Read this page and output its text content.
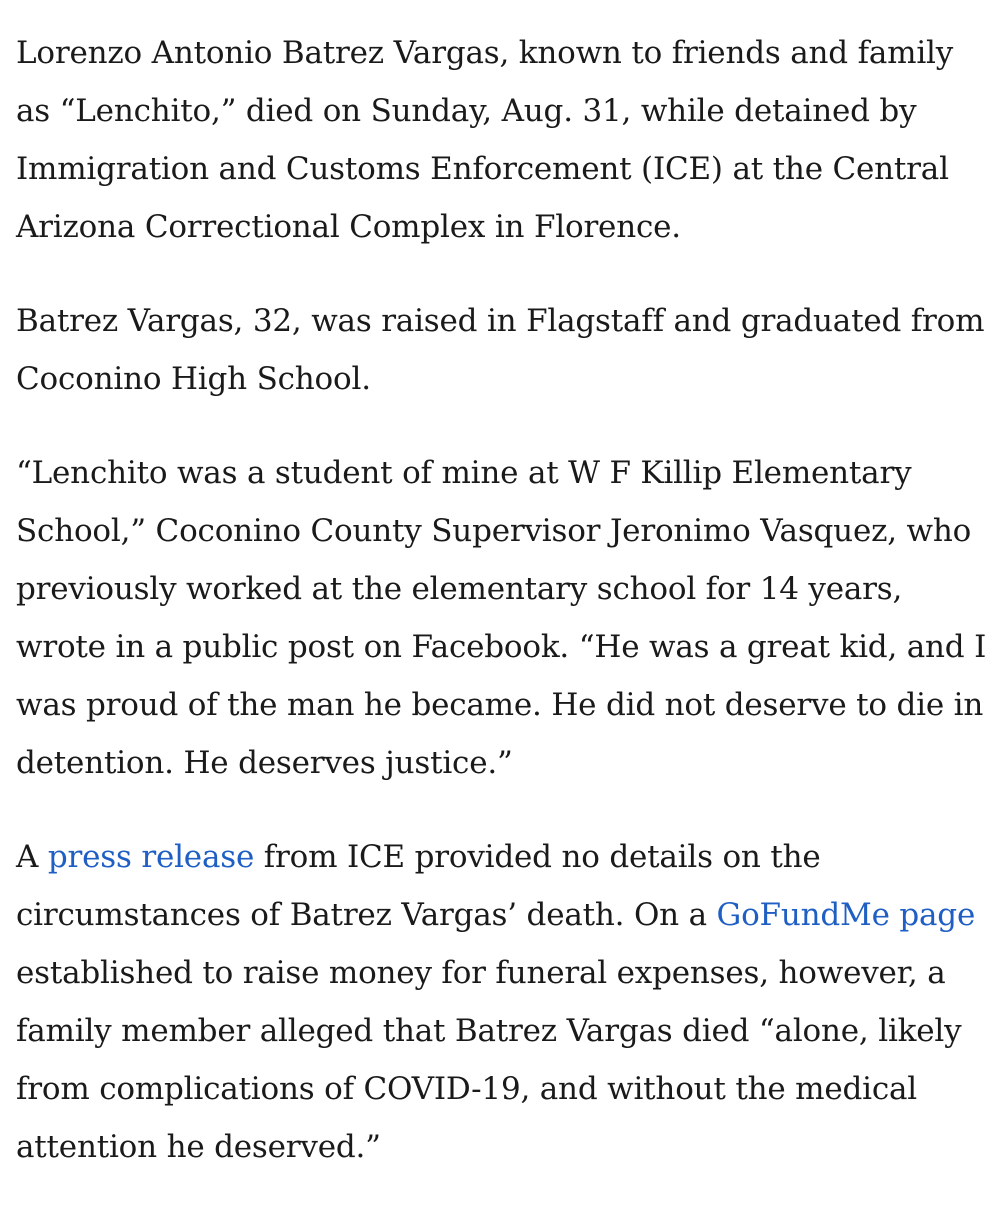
Lorenzo Antonio Batrez Vargas, known to friends and family as “Lenchito,” died on Sunday, Aug. 31, while detained by Immigration and Customs Enforcement (ICE) at the Central Arizona Correctional Complex in Florence.

Batrez Vargas, 32, was raised in Flagstaff and graduated from Coconino High School.

“Lenchito was a student of mine at W F Killip Elementary School,” Coconino County Supervisor Jeronimo Vasquez, who previously worked at the elementary school for 14 years, wrote in a public post on Facebook. “He was a great kid, and I was proud of the man he became. He did not deserve to die in detention. He deserves justice.”

A press release from ICE provided no details on the circumstances of Batrez Vargas’ death. On a GoFundMe page established to raise money for funeral expenses, however, a family member alleged that Batrez Vargas died “alone, likely from complications of COVID-19, and without the medical attention he deserved.”
